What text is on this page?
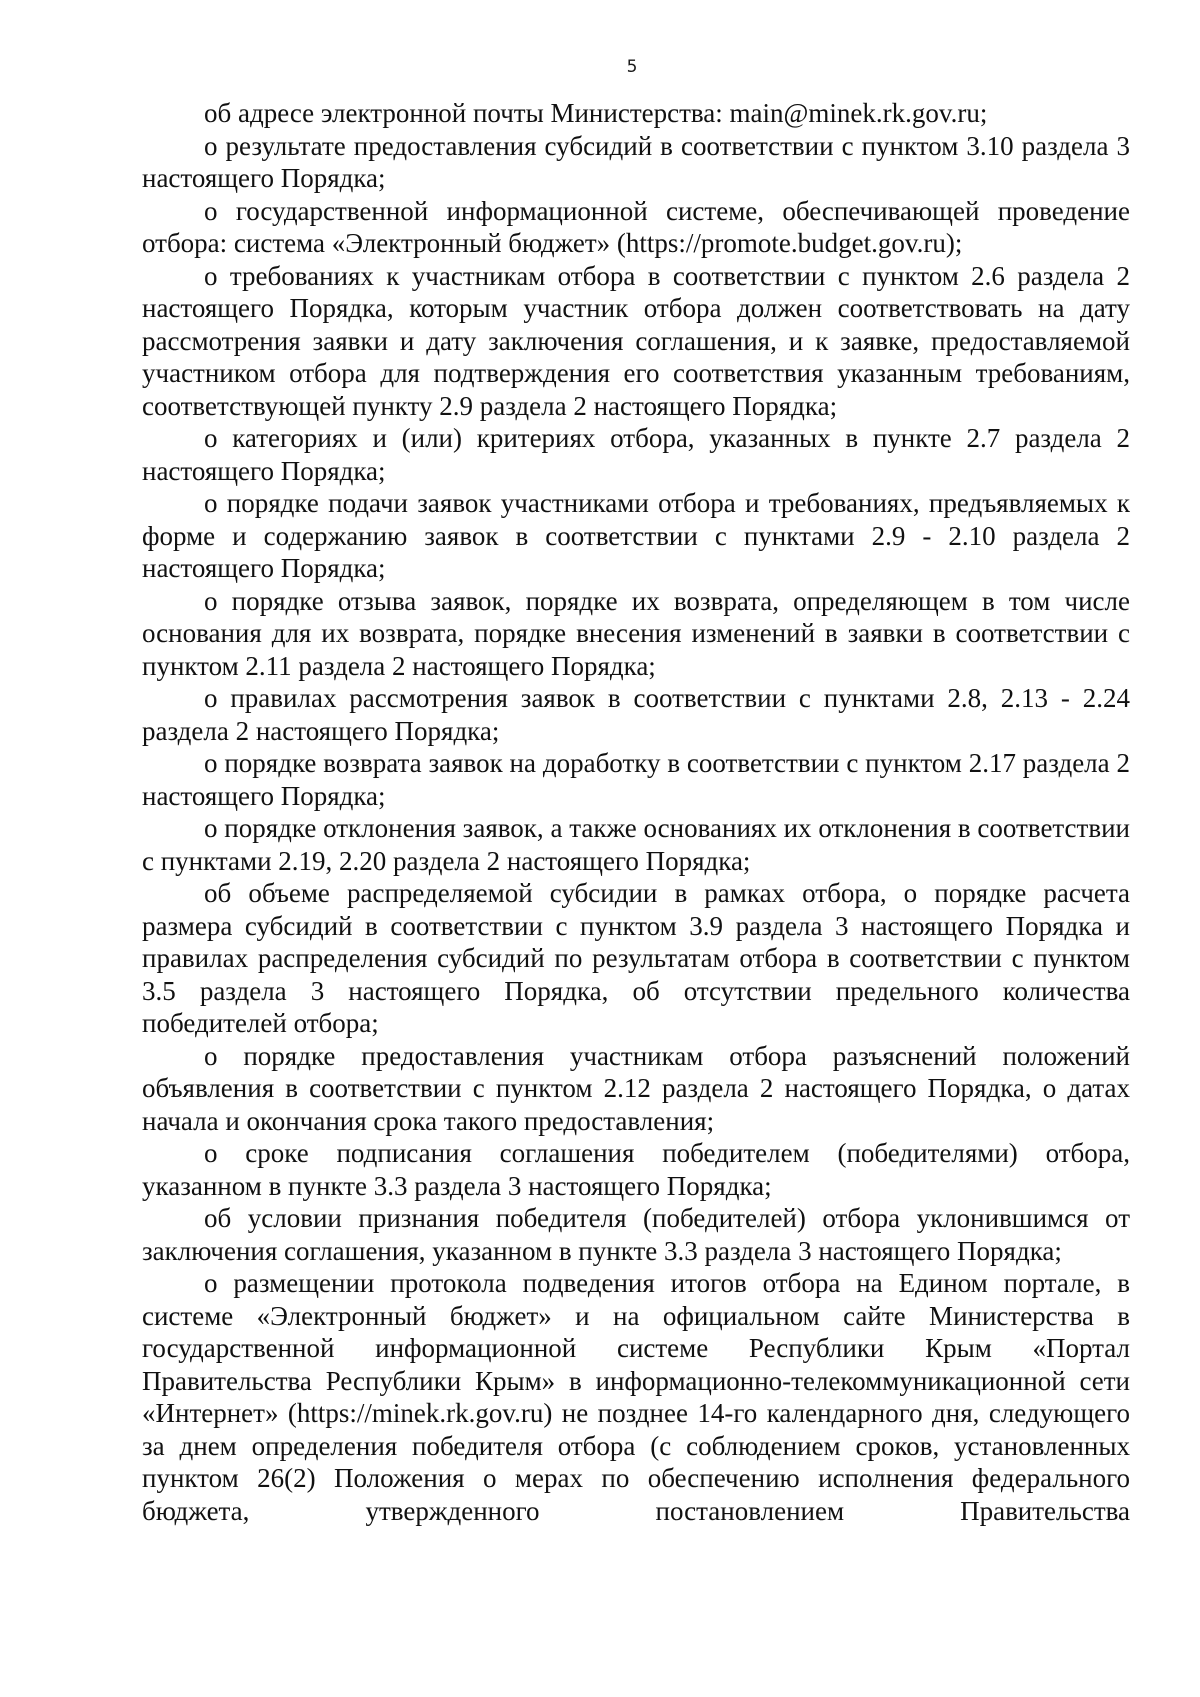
5

об адресе электронной почты Министерства: main@minek.rk.gov.ru;

о результате предоставления субсидий в соответствии с пунктом 3.10 раздела 3 настоящего Порядка;

о государственной информационной системе, обеспечивающей проведение отбора: система «Электронный бюджет» (https://promote.budget.gov.ru);

о требованиях к участникам отбора в соответствии с пунктом 2.6 раздела 2 настоящего Порядка, которым участник отбора должен соответствовать на дату рассмотрения заявки и дату заключения соглашения, и к заявке, предоставляемой участником отбора для подтверждения его соответствия указанным требованиям, соответствующей пункту 2.9 раздела 2 настоящего Порядка;

о категориях и (или) критериях отбора, указанных в пункте 2.7 раздела 2 настоящего Порядка;

о порядке подачи заявок участниками отбора и требованиях, предъявляемых к форме и содержанию заявок в соответствии с пунктами 2.9 - 2.10 раздела 2 настоящего Порядка;

о порядке отзыва заявок, порядке их возврата, определяющем в том числе основания для их возврата, порядке внесения изменений в заявки в соответствии с пунктом 2.11 раздела 2 настоящего Порядка;

о правилах рассмотрения заявок в соответствии с пунктами 2.8, 2.13 - 2.24 раздела 2 настоящего Порядка;

о порядке возврата заявок на доработку в соответствии с пунктом 2.17 раздела 2 настоящего Порядка;

о порядке отклонения заявок, а также основаниях их отклонения в соответствии с пунктами 2.19, 2.20 раздела 2 настоящего Порядка;

об объеме распределяемой субсидии в рамках отбора, о порядке расчета размера субсидий в соответствии с пунктом 3.9 раздела 3 настоящего Порядка и правилах распределения субсидий по результатам отбора в соответствии с пунктом 3.5 раздела 3 настоящего Порядка, об отсутствии предельного количества победителей отбора;

о порядке предоставления участникам отбора разъяснений положений объявления в соответствии с пунктом 2.12 раздела 2 настоящего Порядка, о датах начала и окончания срока такого предоставления;

о сроке подписания соглашения победителем (победителями) отбора, указанном в пункте 3.3 раздела 3 настоящего Порядка;

об условии признания победителя (победителей) отбора уклонившимся от заключения соглашения, указанном в пункте 3.3 раздела 3 настоящего Порядка;

о размещении протокола подведения итогов отбора на Едином портале, в системе «Электронный бюджет» и на официальном сайте Министерства в государственной информационной системе Республики Крым «Портал Правительства Республики Крым» в информационно-телекоммуникационной сети «Интернет» (https://minek.rk.gov.ru) не позднее 14-го календарного дня, следующего за днем определения победителя отбора (с соблюдением сроков, установленных пунктом 26(2) Положения о мерах по обеспечению исполнения федерального бюджета, утвержденного постановлением Правительства
